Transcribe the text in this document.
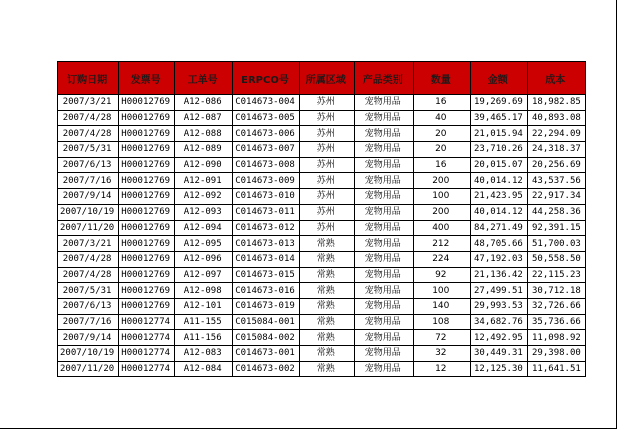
订购日期	发票号	工单号	ERPCO号	所属区域	产品类别	数量	金额	成本
2007/3/21	H00012769	A12-086	C014673-004	苏州	宠物用品	16	19,269.69	18,982.85
2007/4/28	H00012769	A12-087	C014673-005	苏州	宠物用品	40	39,465.17	40,893.08
2007/4/28	H00012769	A12-088	C014673-006	苏州	宠物用品	20	21,015.94	22,294.09
2007/5/31	H00012769	A12-089	C014673-007	苏州	宠物用品	20	23,710.26	24,318.37
2007/6/13	H00012769	A12-090	C014673-008	苏州	宠物用品	16	20,015.07	20,256.69
2007/7/16	H00012769	A12-091	C014673-009	苏州	宠物用品	200	40,014.12	43,537.56
2007/9/14	H00012769	A12-092	C014673-010	苏州	宠物用品	100	21,423.95	22,917.34
2007/10/19	H00012769	A12-093	C014673-011	苏州	宠物用品	200	40,014.12	44,258.36
2007/11/20	H00012769	A12-094	C014673-012	苏州	宠物用品	400	84,271.49	92,391.15
2007/3/21	H00012769	A12-095	C014673-013	常熟	宠物用品	212	48,705.66	51,700.03
2007/4/28	H00012769	A12-096	C014673-014	常熟	宠物用品	224	47,192.03	50,558.50
2007/4/28	H00012769	A12-097	C014673-015	常熟	宠物用品	92	21,136.42	22,115.23
2007/5/31	H00012769	A12-098	C014673-016	常熟	宠物用品	100	27,499.51	30,712.18
2007/6/13	H00012769	A12-101	C014673-019	常熟	宠物用品	140	29,993.53	32,726.66
2007/7/16	H00012774	A11-155	C015084-001	常熟	宠物用品	108	34,682.76	35,736.66
2007/9/14	H00012774	A11-156	C015084-002	常熟	宠物用品	72	12,492.95	11,098.92
2007/10/19	H00012774	A12-083	C014673-001	常熟	宠物用品	32	30,449.31	29,398.00
2007/11/20	H00012774	A12-084	C014673-002	常熟	宠物用品	12	12,125.30	11,641.51
